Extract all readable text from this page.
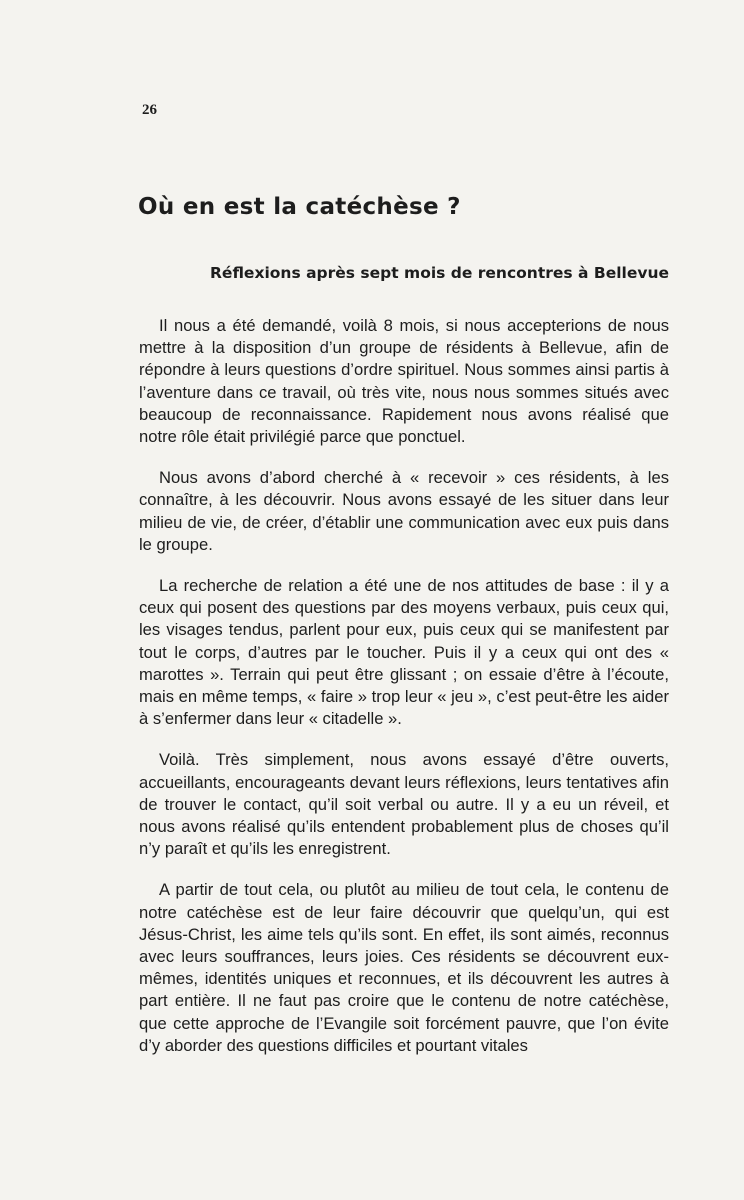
26
Où en est la catéchèse ?
Réflexions après sept mois de rencontres à Bellevue

Il nous a été demandé, voilà 8 mois, si nous accepterions de nous mettre à la disposition d’un groupe de résidents à Bellevue, afin de répondre à leurs questions d’ordre spirituel. Nous sommes ainsi partis à l’aventure dans ce travail, où très vite, nous nous sommes situés avec beaucoup de reconnaissance. Rapidement nous avons réalisé que notre rôle était privilégié parce que ponctuel.

Nous avons d’abord cherché à « recevoir » ces résidents, à les connaître, à les découvrir. Nous avons essayé de les situer dans leur milieu de vie, de créer, d’établir une communication avec eux puis dans le groupe.

La recherche de relation a été une de nos attitudes de base : il y a ceux qui posent des questions par des moyens verbaux, puis ceux qui, les visages tendus, parlent pour eux, puis ceux qui se manifestent par tout le corps, d’autres par le toucher. Puis il y a ceux qui ont des « marottes ». Terrain qui peut être glissant ; on essaie d’être à l’écoute, mais en même temps, « faire » trop leur « jeu », c’est peut-être les aider à s’enfermer dans leur « citadelle ».

Voilà. Très simplement, nous avons essayé d’être ouverts, accueillants, encourageants devant leurs réflexions, leurs tentatives afin de trouver le contact, qu’il soit verbal ou autre. Il y a eu un réveil, et nous avons réalisé qu’ils entendent probablement plus de choses qu’il n’y paraît et qu’ils les enregistrent.

A partir de tout cela, ou plutôt au milieu de tout cela, le contenu de notre catéchèse est de leur faire découvrir que quelqu’un, qui est Jésus-Christ, les aime tels qu’ils sont. En effet, ils sont aimés, reconnus avec leurs souffrances, leurs joies. Ces résidents se découvrent eux-mêmes, identités uniques et reconnues, et ils découvrent les autres à part entière. Il ne faut pas croire que le contenu de notre catéchèse, que cette approche de l’Evangile soit forcément pauvre, que l’on évite d’y aborder des questions difficiles et pourtant vitales
